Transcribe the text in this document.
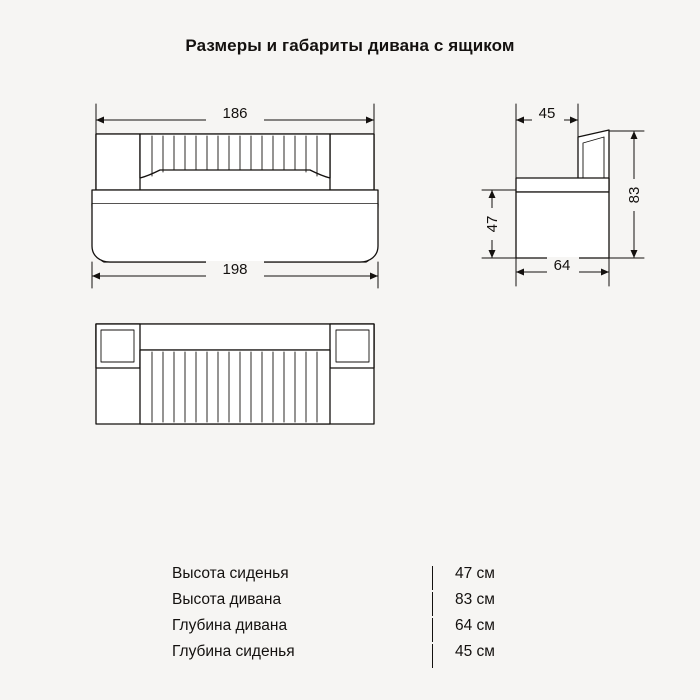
Размеры и габариты дивана с ящиком
186
198
45
64
47
83
Высота сиденья	47 см
Высота дивана	83 см
Глубина дивана	64 см
Глубина сиденья	45 см
